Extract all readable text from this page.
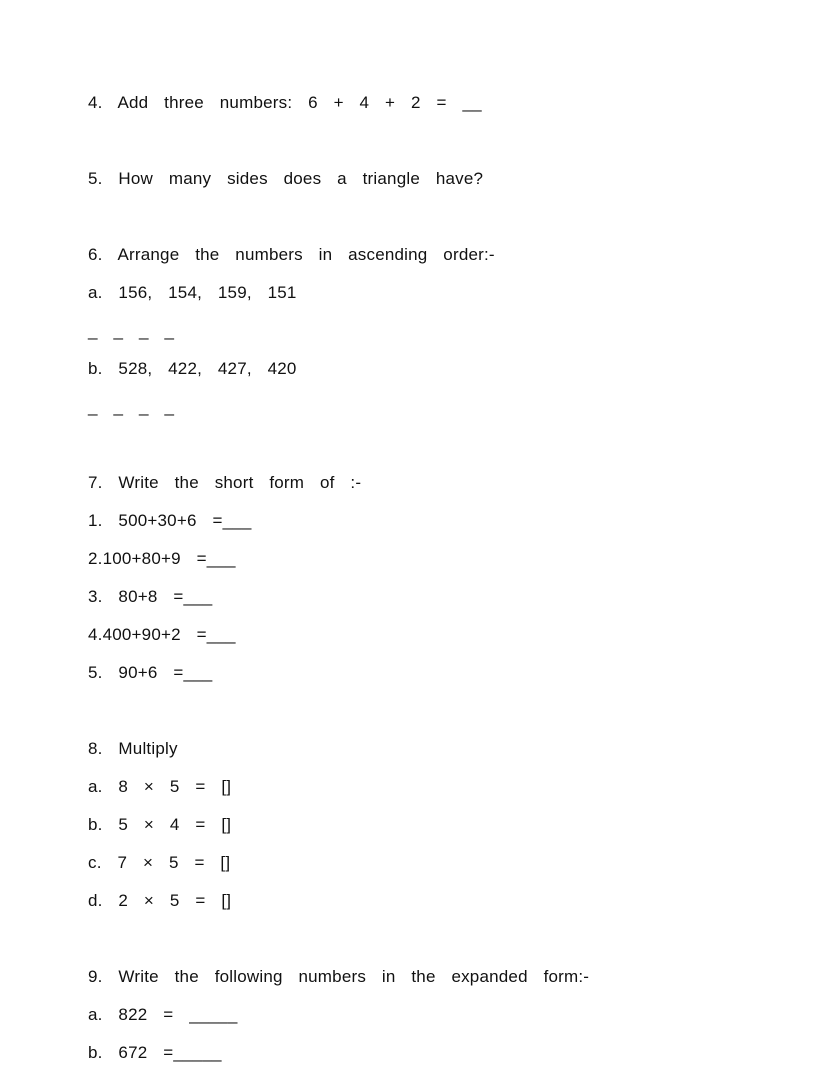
4.  Add  three  numbers:  6  +  4  +  2  =  __
5.  How  many  sides  does  a  triangle  have?
6.  Arrange  the  numbers  in  ascending  order:-
a.  156,  154,  159,  151
_  _  _  _
b.  528,  422,  427,  420
_  _  _  _
7.  Write  the  short  form  of  :-
1.  500+30+6  =___
2.100+80+9  =___
3.  80+8  =___
4.400+90+2  =___
5.  90+6  =___
8.  Multiply
a.  8  ×  5  =  []
b.  5  ×  4  =  []
c.  7  ×  5  =  []
d.  2  ×  5  =  []
9.  Write  the  following  numbers  in  the  expanded  form:-
a.  822  =  _____
b.  672  =_____
